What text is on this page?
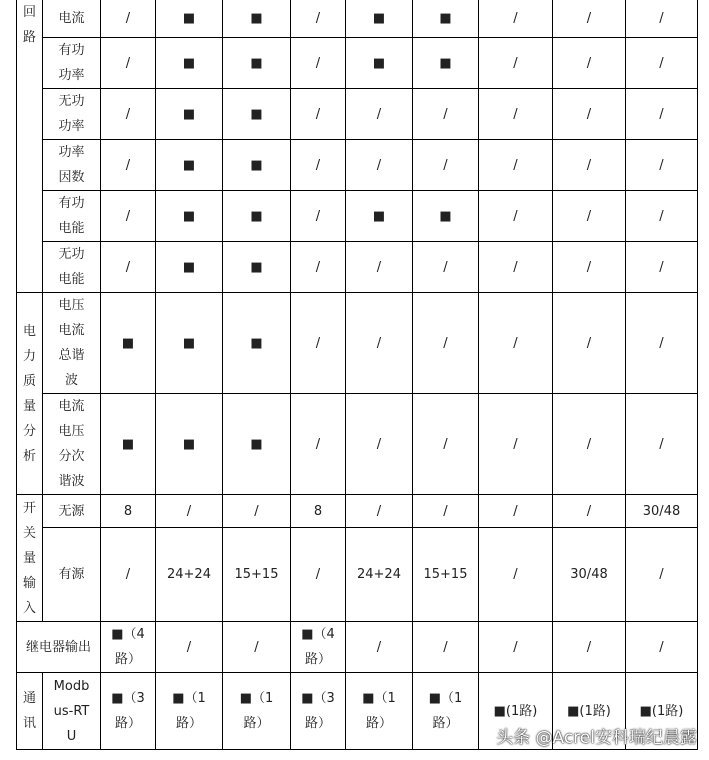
回路	电流	/	■	■	/	■	■	/	/	/
	有功功率	/	■	■	/	■	■	/	/	/
	无功功率	/	■	■	/	/	/	/	/	/
	功率因数	/	■	■	/	/	/	/	/	/
	有功电能	/	■	■	/	■	■	/	/	/
	无功电能	/	■	■	/	/	/	/	/	/
电力质量分析	电压电流总谐波	■	■	■	/	/	/	/	/	/
	电流电压分次谐波	■	■	■	/	/	/	/	/	/
开关量输入	无源	8	/	/	8	/	/	/	/	30/48
	有源	/	24+24	15+15	/	24+24	15+15	/	30/48	/
继电器输出		■（4路）	/	/	■（4路）	/	/	/	/	/
通讯	Modbus-RTU	■（3路）	■（1路）	■（1路）	■（3路）	■（1路）	■（1路）	■(1路)	■(1路)	■(1路)
头条 @Acrel安科瑞纪晨露
